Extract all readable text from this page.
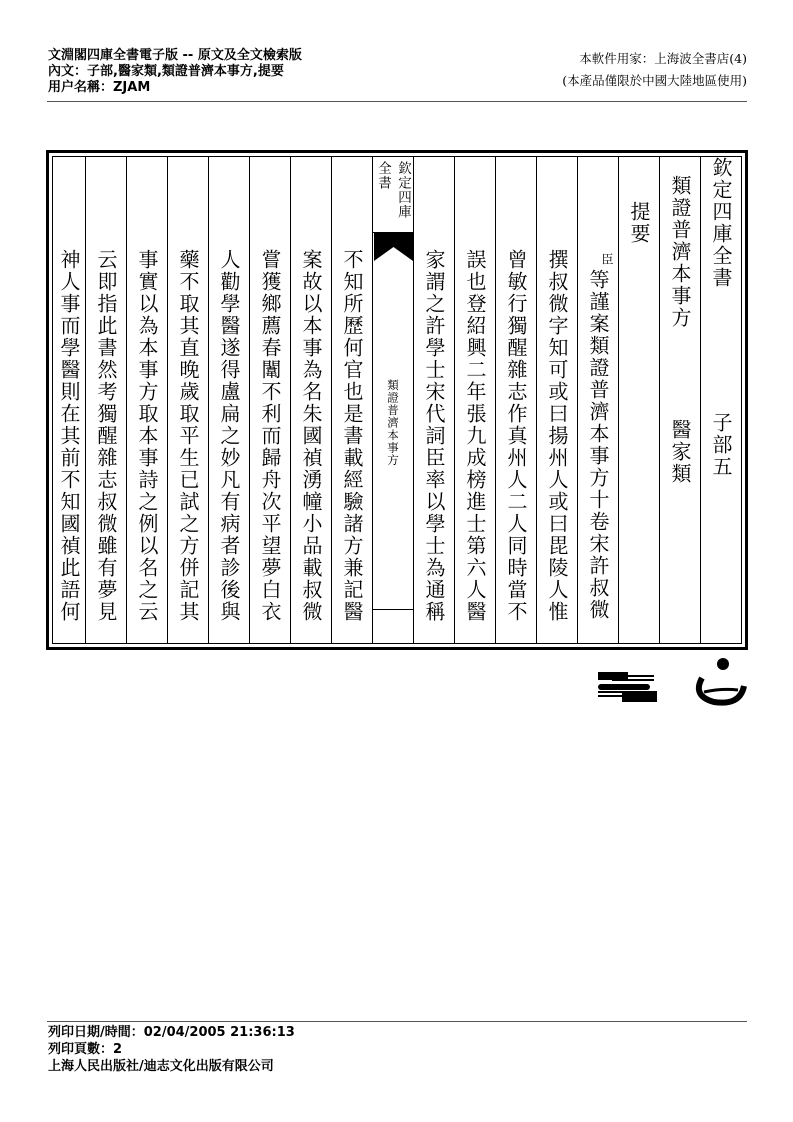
文淵閣四庫全書電子版 -- 原文及全文檢索版
內文：子部,醫家類,類證普濟本事方,提要
用户名稱：ZJAM
本軟件用家：上海波全書店(4)
(本產品僅限於中國大陸地區使用)
欽定四庫全書
子部五
類證普濟本事方
醫家類
提要
臣
等謹案類證普濟本事方十卷宋許叔微
撰叔微字知可或曰揚州人或曰毘陵人惟
曾敏行獨醒雜志作真州人二人同時當不
誤也登紹興二年張九成榜進士第六人醫
家謂之許學士宋代詞臣率以學士為通稱
欽定四庫全書
類證普濟本事方
不知所歷何官也是書載經驗諸方兼記醫
案故以本事為名朱國禎湧幢小品載叔微
嘗獲鄉薦春闈不利而歸舟次平望夢白衣
人勸學醫遂得盧扁之妙凡有病者診後與
藥不取其直晚歲取平生已試之方併記其
事實以為本事方取本事詩之例以名之云
云即指此書然考獨醒雜志叔微雖有夢見
神人事而學醫則在其前不知國禎此語何
列印日期/時間：02/04/2005 21:36:13
列印頁數：2
上海人民出版社/迪志文化出版有限公司
